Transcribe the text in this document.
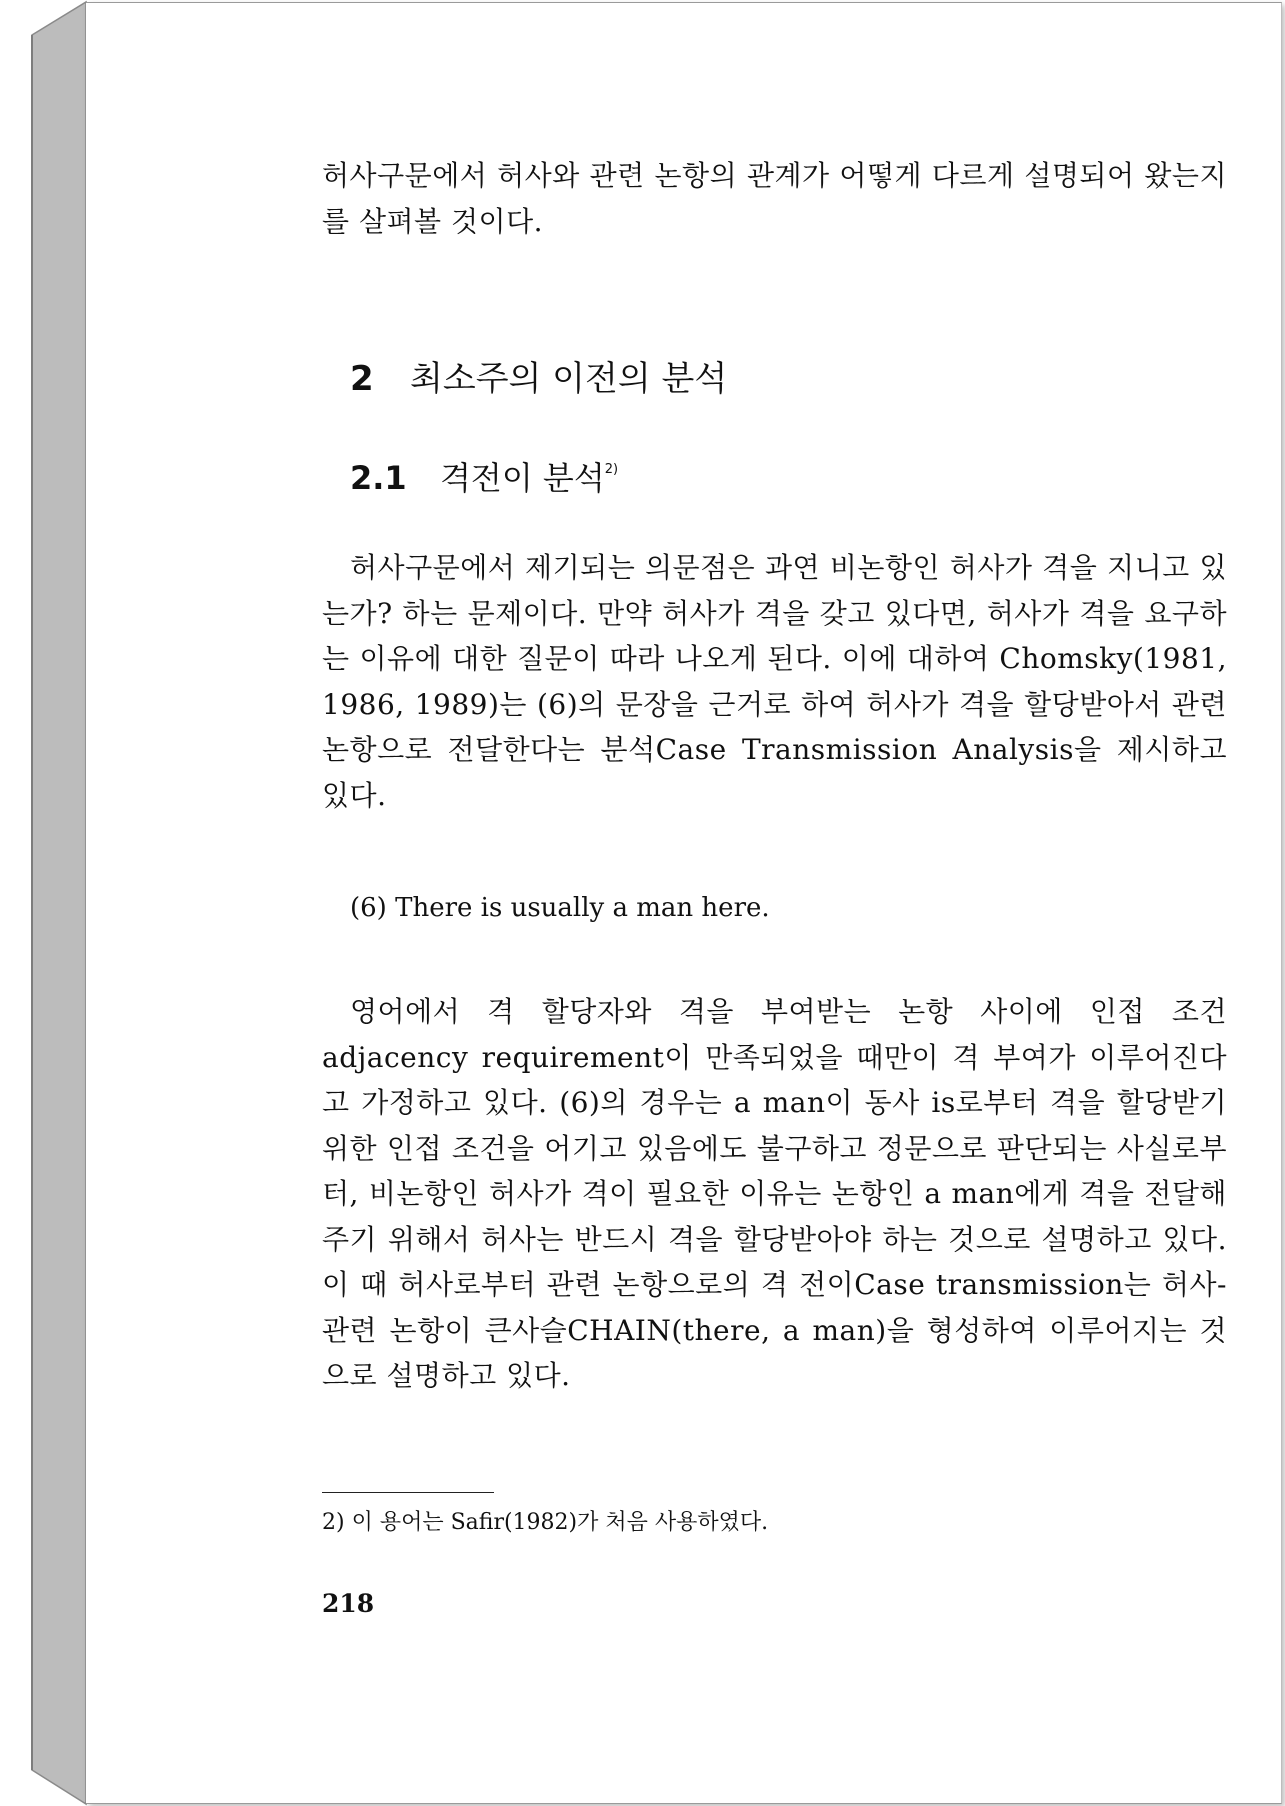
허사구문에서 허사와 관련 논항의 관계가 어떻게 다르게 설명되어 왔는지를 살펴볼 것이다.

2 최소주의 이전의 분석
2.1 격전이 분석$^{2)}$

허사구문에서 제기되는 의문점은 과연 비논항인 허사가 격을 지니고 있는가? 하는 문제이다. 만약 허사가 격을 갖고 있다면, 허사가 격을 요구하는 이유에 대한 질문이 따라 나오게 된다. 이에 대하여 Chomsky(1981, 1986, 1989)는 (6)의 문장을 근거로 하여 허사가 격을 할당받아서 관련 논항으로 전달한다는 분석Case Transmission Analysis을 제시하고 있다.

(6) There is usually a man here.

영어에서 격 할당자와 격을 부여받는 논항 사이에 인접 조건adjacency requirement이 만족되었을 때만이 격 부여가 이루어진다고 가정하고 있다. (6)의 경우는 a man이 동사 is로부터 격을 할당받기 위한 인접 조건을 어기고 있음에도 불구하고 정문으로 판단되는 사실로부터, 비논항인 허사가 격이 필요한 이유는 논항인 a man에게 격을 전달해 주기 위해서 허사는 반드시 격을 할당받아야 하는 것으로 설명하고 있다. 이 때 허사로부터 관련 논항으로의 격 전이Case transmission는 허사-관련 논항이 큰사슬CHAIN(there, a man)을 형성하여 이루어지는 것으로 설명하고 있다.

2) 이 용어는 Safir(1982)가 처음 사용하였다.

218
